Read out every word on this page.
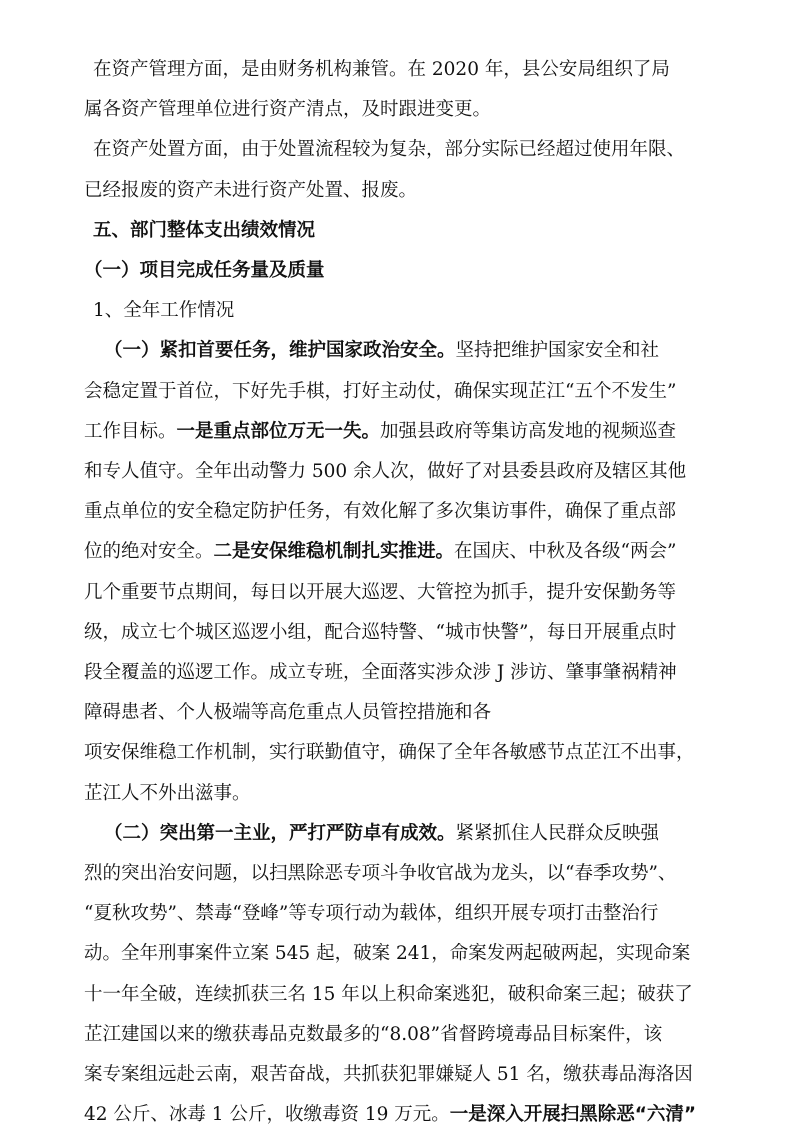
在资产管理方面，是由财务机构兼管。在 2020 年，县公安局组织了局
属各资产管理单位进行资产清点，及时跟进变更。
在资产处置方面，由于处置流程较为复杂，部分实际已经超过使用年限、
已经报废的资产未进行资产处置、报废。
五、部门整体支出绩效情况
（一）项目完成任务量及质量
1、全年工作情况
（一）紧扣首要任务，维护国家政治安全。坚持把维护国家安全和社
会稳定置于首位，下好先手棋，打好主动仗，确保实现芷江“五个不发生”
工作目标。一是重点部位万无一失。加强县政府等集访高发地的视频巡查
和专人值守。全年出动警力 500 余人次，做好了对县委县政府及辖区其他
重点单位的安全稳定防护任务，有效化解了多次集访事件，确保了重点部
位的绝对安全。二是安保维稳机制扎实推进。在国庆、中秋及各级“两会”
几个重要节点期间，每日以开展大巡逻、大管控为抓手，提升安保勤务等
级，成立七个城区巡逻小组，配合巡特警、“城市快警”，每日开展重点时
段全覆盖的巡逻工作。成立专班，全面落实涉众涉 J 涉访、肇事肇祸精神
障碍患者、个人极端等高危重点人员管控措施和各
项安保维稳工作机制，实行联勤值守，确保了全年各敏感节点芷江不出事，
芷江人不外出滋事。
（二）突出第一主业，严打严防卓有成效。紧紧抓住人民群众反映强
烈的突出治安问题，以扫黑除恶专项斗争收官战为龙头，以“春季攻势”、
“夏秋攻势”、禁毒“登峰”等专项行动为载体，组织开展专项打击整治行
动。全年刑事案件立案 545 起，破案 241，命案发两起破两起，实现命案
十一年全破，连续抓获三名 15 年以上积命案逃犯，破积命案三起；破获了
芷江建国以来的缴获毒品克数最多的“8.08”省督跨境毒品目标案件，该
案专案组远赴云南，艰苦奋战，共抓获犯罪嫌疑人 51 名，缴获毒品海洛因
42 公斤、冰毒 1 公斤，收缴毒资 19 万元。一是深入开展扫黑除恶“六清”
